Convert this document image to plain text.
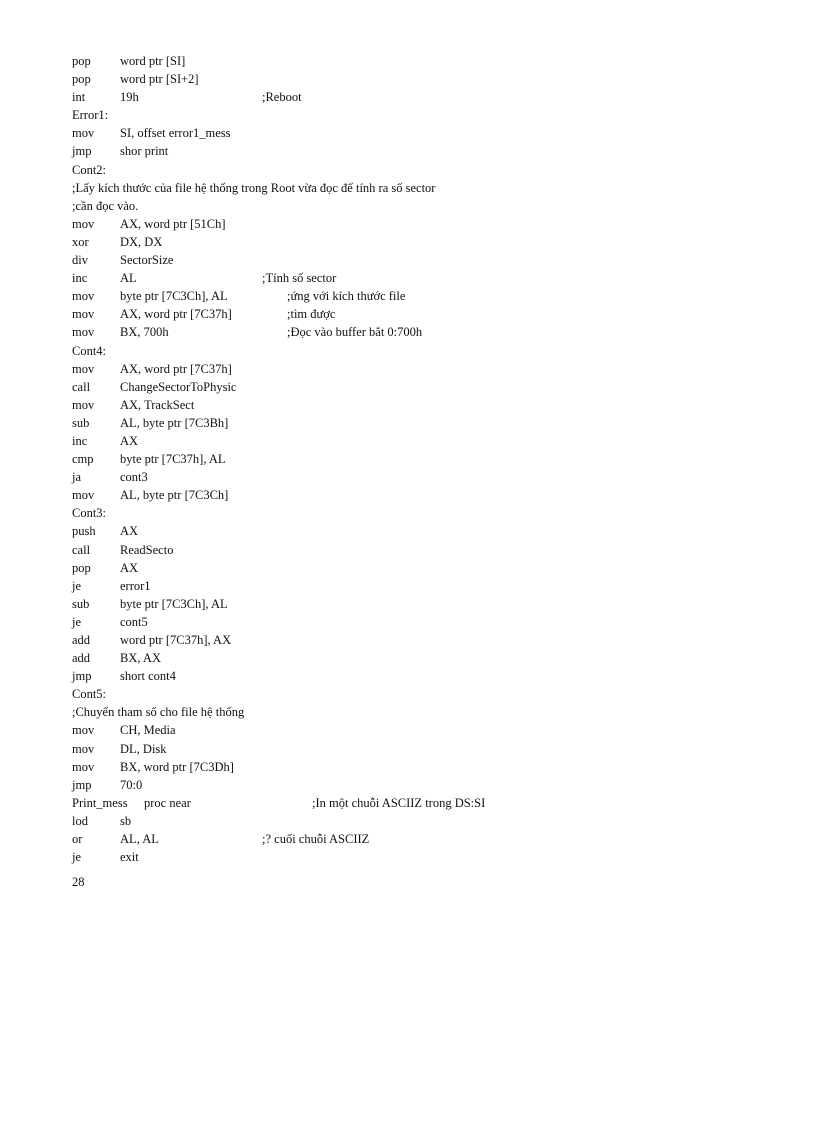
pop word ptr [SI]
pop word ptr [SI+2]
int	19h	;Reboot
Error1:
mov SI, offset error1_mess
jmp shor print
Cont2:
;Lấy kích thước của file hệ thống trong Root vừa đọc để tính ra số sector
;cần đọc vào.
mov AX, word ptr [51Ch]
xor	DX, DX
div	SectorSize
inc	AL	;Tính số sector
mov byte ptr [7C3Ch], AL	;ứng với kích thước file
mov AX, word ptr [7C37h]	;tìm được
mov BX, 700h	;Đọc vào buffer bắt 0:700h
Cont4:
mov AX, word ptr [7C37h]
call ChangeSectorToPhysic
mov AX, TrackSect
sub AL, byte ptr [7C3Bh]
inc	AX
cmp byte ptr [7C37h], AL
ja	cont3
mov AL, byte ptr [7C3Ch]
Cont3:
push AX
call ReadSecto
pop AX
je	error1
sub byte ptr [7C3Ch], AL
je	cont5
add word ptr [7C37h], AX
add BX, AX
jmp short cont4
Cont5:
;Chuyển tham số cho file hệ thống
mov CH, Media
mov DL, Disk
mov BX, word ptr [7C3Dh]
jmp 70:0
Print_mess proc near	;In một chuỗi ASCIIZ trong DS:SI
lod	sb
or	AL, AL	;? cuối chuỗi ASCIIZ
je	exit
28
